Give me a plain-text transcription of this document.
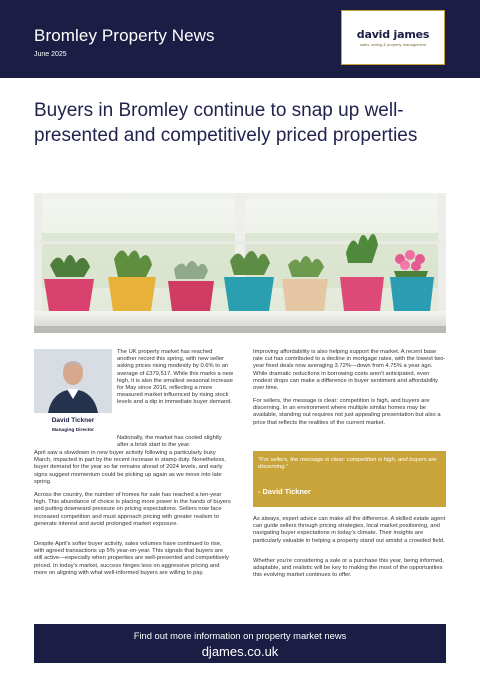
Bromley Property News
June 2025
david james
sales, letting & property management
Buyers in Bromley continue to snap up well-presented and competitively priced properties
David Tickner
Managing Director

The UK property market has reached another record this spring, with new seller asking prices rising modestly by 0.6% to an average of £379,517. While this marks a new high, it is also the smallest seasonal increase for May since 2016, reflecting a more measured market influenced by rising stock levels and a dip in immediate buyer demand.

Nationally, the market has cooled slightly after a brisk start to the year.

April saw a slowdown in new buyer activity following a particularly busy March, impacted in part by the recent increase in stamp duty. Nonetheless, buyer demand for the year so far remains ahead of 2024 levels, and early signs suggest momentum could be picking up again as we move into late spring.

Across the country, the number of homes for sale has reached a ten-year high. This abundance of choice is placing more power in the hands of buyers and putting downward pressure on pricing expectations. Sellers now face increased competition and must approach pricing with greater realism to generate interest and avoid prolonged market exposure.

Despite April's softer buyer activity, sales volumes have continued to rise, with agreed transactions up 5% year-on-year. This signals that buyers are still active—especially when properties are well-presented and competitively priced. In today's market, success hinges less on aggressive pricing and more on aligning with what well-informed buyers are willing to pay.

Improving affordability is also helping support the market. A recent base rate cut has contributed to a decline in mortgage rates, with the lowest two-year fixed deals now averaging 3.72%—down from 4.75% a year ago. While dramatic reductions in borrowing costs aren't anticipated, even modest drops can make a difference in buyer sentiment and affordability over time.

For sellers, the message is clear: competition is high, and buyers are discerning. In an environment where multiple similar homes may be available, standing out requires not just appealing presentation but also a price that reflects the realities of the current market.

"For sellers, the message is clear: competition is high, and buyers are discerning."
- David Tickner

As always, expert advice can make all the difference. A skilled estate agent can guide sellers through pricing strategies, local market positioning, and navigating buyer expectations in today's climate. Their insights are particularly valuable in helping a property stand out amidst a crowded field.

Whether you're considering a sale or a purchase this year, being informed, adaptable, and realistic will be key to making the most of the opportunities this evolving market continues to offer.

Find out more information on property market news
djames.co.uk
